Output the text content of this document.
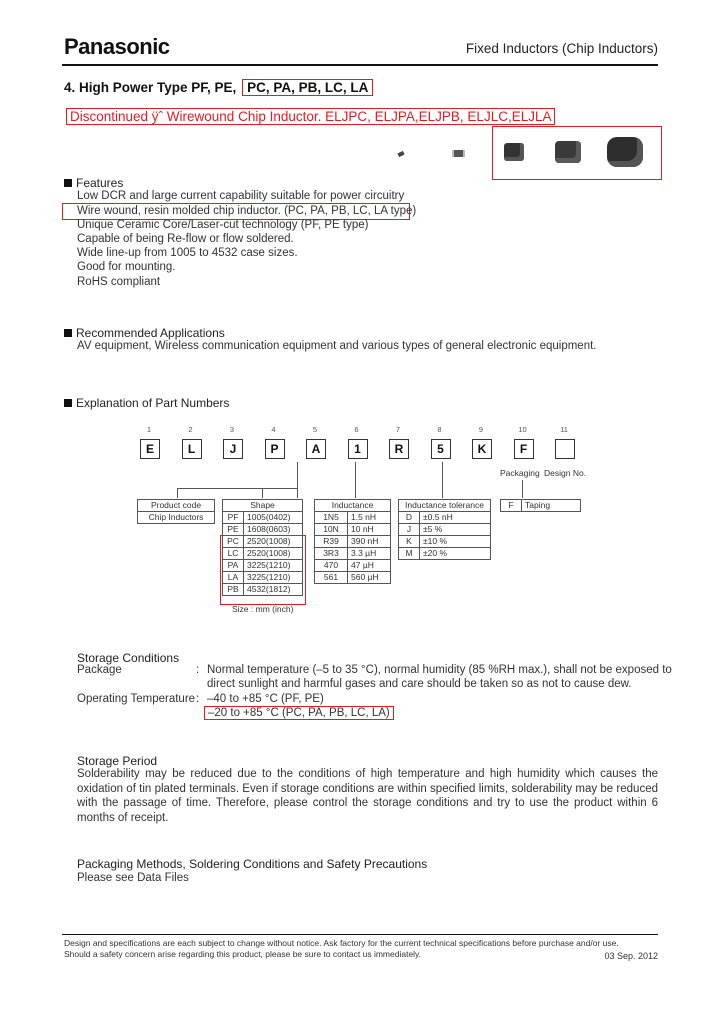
Panasonic	Fixed Inductors (Chip Inductors)
4. High Power Type PF, PE, PC, PA, PB, LC, LA
Discontinued ÿˆ Wirewound Chip Inductor. ELJPC, ELJPA,ELJPB, ELJLC,ELJLA
Features
Low DCR and large current capability suitable for power circuitry
Wire wound, resin molded chip inductor. (PC, PA, PB, LC, LA type)
Unique Ceramic Core/Laser-cut technology (PF, PE type)
Capable of being Re-flow or flow soldered.
Wide line-up from 1005 to 4532 case sizes.
Good for mounting.
RoHS compliant
Recommended Applications
AV equipment, Wireless communication equipment and various types of general electronic equipment.
Explanation of Part Numbers
1
E
2
L
3
J
4
P
5
A
6
1
7
R
8
5
9
K
10
F
11
Packaging Design No.
Product code
Chip Inductors
Shape	
PF	1005(0402)
PE	1608(0603)
PC	2520(1008)
LC	2520(1008)
PA	3225(1210)
LA	3225(1210)
PB	4532(1812)
Size : mm (inch)
Inductance	
1N5	1.5 nH
10N	10 nH
R39	390 nH
3R3	3.3 µH
470	47 µH
561	560 µH
Inductance tolerance	
D	±0.5 nH
J	±5 %
K	±10 %
M	±20 %
F	Taping
Storage Conditions
Package	: Normal temperature (–5 to 35 °C), normal humidity (85 %RH max.), shall not be exposed to
direct sunlight and harmful gases and care should be taken so as not to cause dew.
Operating Temperature : –40 to +85 °C (PF, PE)
–20 to +85 °C (PC, PA, PB, LC, LA)
Storage Period
Solderability may be reduced due to the conditions of high temperature and high humidity which causes the oxidation of tin plated terminals. Even if storage conditions are within specified limits, solderability may be reduced with the passage of time. Therefore, please control the storage conditions and try to use the product within 6 months of receipt.
Packaging Methods, Soldering Conditions and Safety Precautions
Please see Data Files
Design and specifications are each subject to change without notice. Ask factory for the current technical specifications before purchase and/or use.
Should a safety concern arise regarding this product, please be sure to contact us immediately.	03 Sep. 2012
